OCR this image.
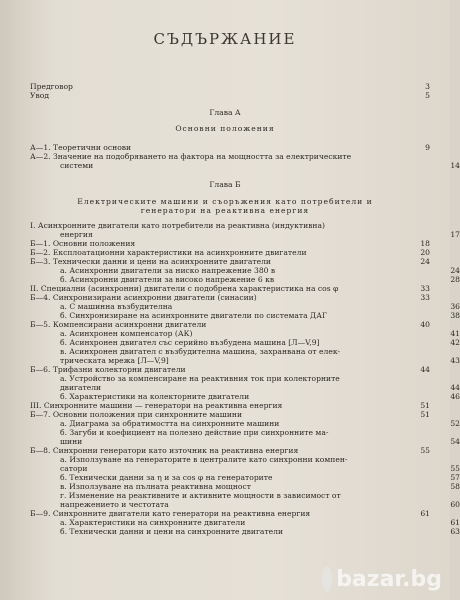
СЪДЪРЖАНИЕ
Предговор	3
Увод	5
Глава А
Основни положения
А—1. Теоретични основи	9
А—2. Значение на подобряването на фактора на мощността за електрическите
системи	14
Глава Б
Електрическите машини и съоръжения като потребители и
генератори на реактивна енергия
I. Асинхронните двигатели като потребители на реактивна (индуктивна)
енергия	17
Б—1. Основни положения	18
Б—2. Експлоатационни характеристики на асинхронните двигатели	20
Б—3. Технически данни и цени на асинхронните двигатели	24
а. Асинхронни двигатели за ниско напрежение 380 в	24
б. Асинхронни двигатели за високо напрежение 6 кв	28
II. Специални (асинхронни) двигатели с подобрена характеристика на cos φ	33
Б—4. Синхронизирани асинхронни двигатели (синасии)	33
а. С машинна възбудителна	36
б. Синхронизиране на асинхронните двигатели по системата ДАГ	38
Б—5. Компенсирани асинхронни двигатели	40
а. Асинхронен компенсатор (АК)	41
б. Асинхронен двигател със серийно възбудена машина [Л—V,9]	42
в. Асинхронен двигател с възбудителна машина, захранвана от елек-
трическата мрежа [Л—V,9]	43
Б—6. Трифазни колекторни двигатели	44
а. Устройство за компенсиране на реактивния ток при колекторните
двигатели	44
б. Характеристики на колекторните двигатели	46
III. Синхронните машини — генератори на реактивна енергия	51
Б—7. Основни положения при синхронните машини	51
а. Диаграма за обратимостта на синхронните машини	52
б. Загуби и коефициент на полезно действие при синхронните ма-
шини	54
Б—8. Синхронни генератори като източник на реактивна енергия	55
а. Използуване на генераторите в централите като синхронни компен-
сатори	55
б. Технически данни за η и за cos φ на генераторите	57
в. Използуване на пълната реактивна мощност	58
г. Изменение на реактивните и активните мощности в зависимост от
напрежението и честотата	60
Б—9. Синхронните двигатели като генератори на реактивна енергия	61
а. Характеристики на синхронните двигатели	61
б. Технически данни и цени на синхронните двигатели	63
bazar.bg
